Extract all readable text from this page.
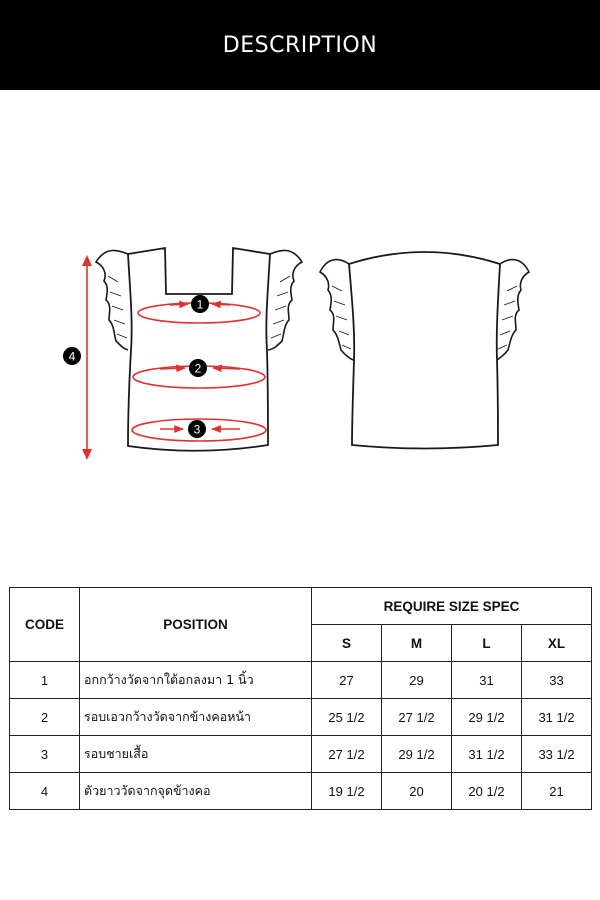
DESCRIPTION
1
2
3
4
CODE	POSITION	REQUIRE SIZE SPEC			
		S	M	L	XL
1	อกกว้างวัดจากใต้อกลงมา 1 นิ้ว	27	29	31	33
2	รอบเอวกว้างวัดจากข้างคอหน้า	25 1/2	27 1/2	29 1/2	31 1/2
3	รอบชายเสื้อ	27 1/2	29 1/2	31 1/2	33 1/2
4	ตัวยาววัดจากจุดข้างคอ	19 1/2	20	20 1/2	21
